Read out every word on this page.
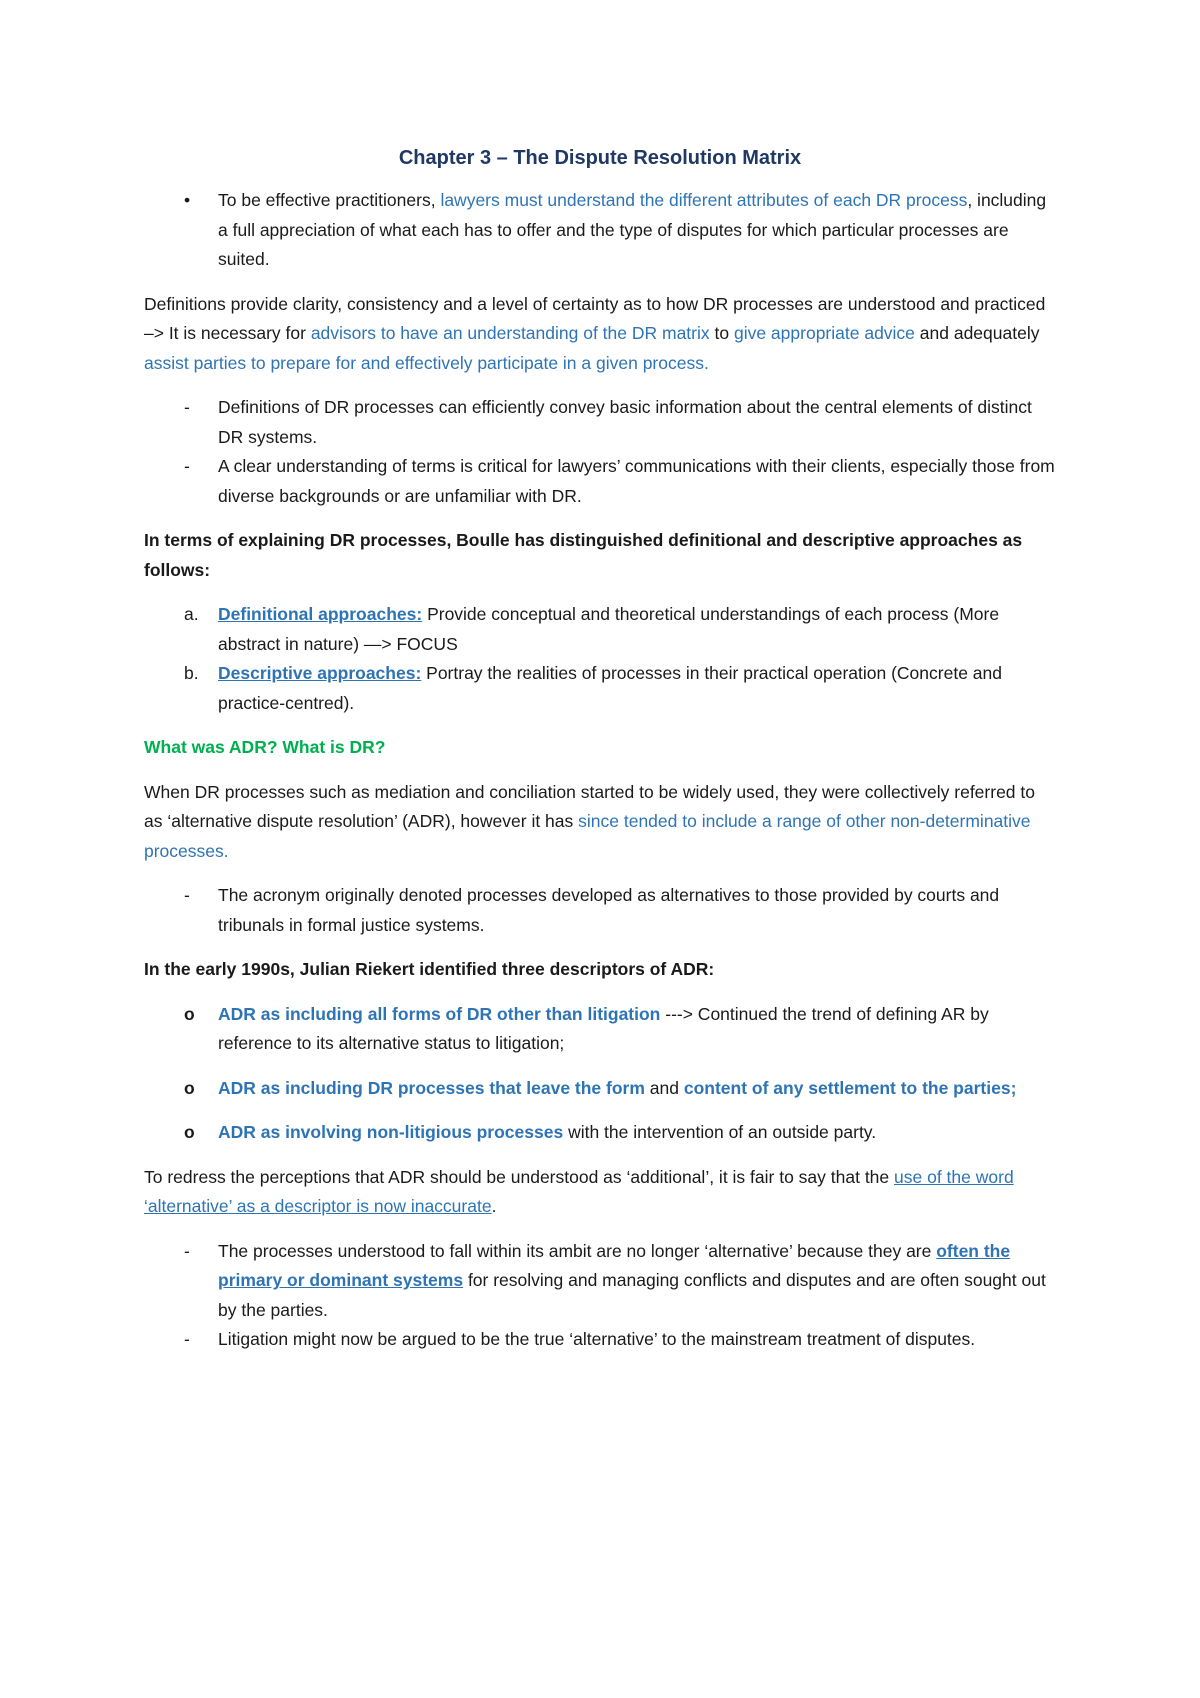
Chapter 3 – The Dispute Resolution Matrix
• To be effective practitioners, lawyers must understand the different attributes of each DR process, including a full appreciation of what each has to offer and the type of disputes for which particular processes are suited.

Definitions provide clarity, consistency and a level of certainty as to how DR processes are understood and practiced –> It is necessary for advisors to have an understanding of the DR matrix to give appropriate advice and adequately assist parties to prepare for and effectively participate in a given process.

- Definitions of DR processes can efficiently convey basic information about the central elements of distinct DR systems.
- A clear understanding of terms is critical for lawyers’ communications with their clients, especially those from diverse backgrounds or are unfamiliar with DR.

In terms of explaining DR processes, Boulle has distinguished definitional and descriptive approaches as follows:

a. Definitional approaches: Provide conceptual and theoretical understandings of each process (More abstract in nature) —> FOCUS
b. Descriptive approaches: Portray the realities of processes in their practical operation (Concrete and practice-centred).

What was ADR? What is DR?

When DR processes such as mediation and conciliation started to be widely used, they were collectively referred to as ‘alternative dispute resolution’ (ADR), however it has since tended to include a range of other non-determinative processes.

- The acronym originally denoted processes developed as alternatives to those provided by courts and tribunals in formal justice systems.

In the early 1990s, Julian Riekert identified three descriptors of ADR:

o ADR as including all forms of DR other than litigation ---> Continued the trend of defining AR by reference to its alternative status to litigation;
o ADR as including DR processes that leave the form and content of any settlement to the parties;
o ADR as involving non-litigious processes with the intervention of an outside party.

To redress the perceptions that ADR should be understood as ‘additional’, it is fair to say that the use of the word ‘alternative’ as a descriptor is now inaccurate.

- The processes understood to fall within its ambit are no longer ‘alternative’ because they are often the primary or dominant systems for resolving and managing conflicts and disputes and are often sought out by the parties.
- Litigation might now be argued to be the true ‘alternative’ to the mainstream treatment of disputes.
